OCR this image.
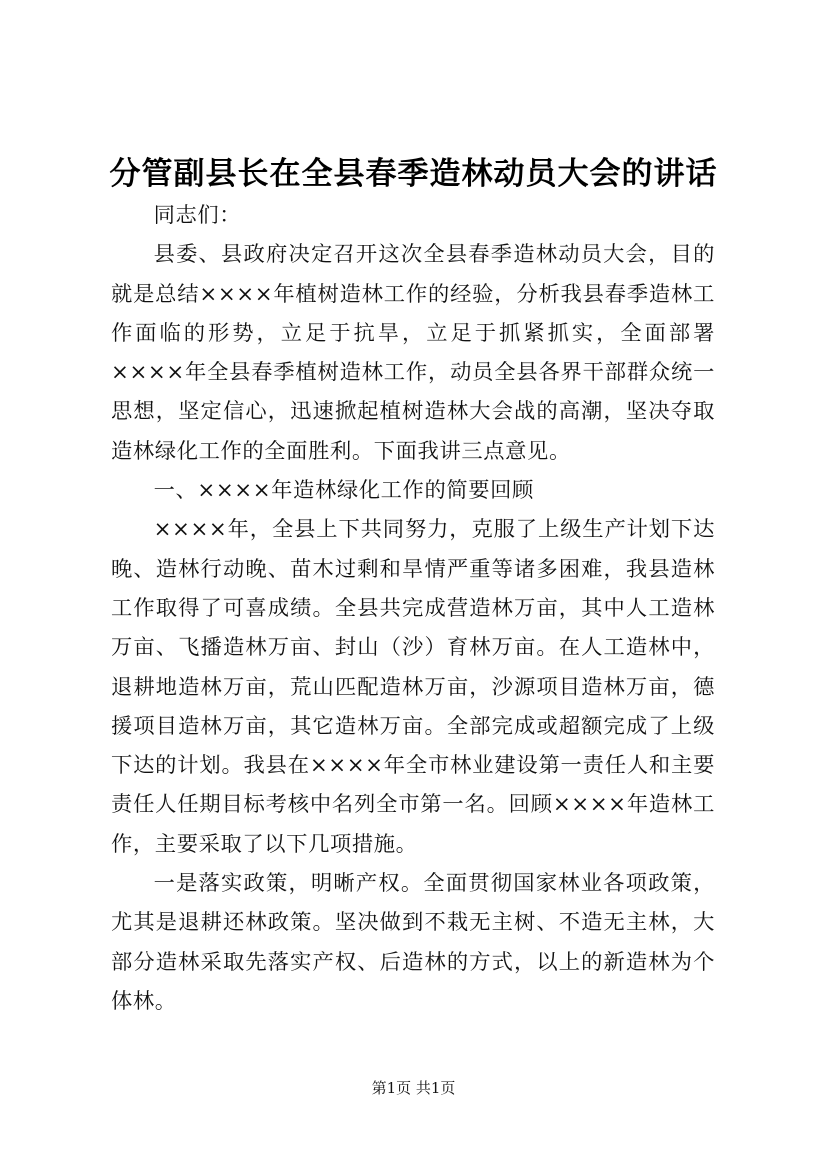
分管副县长在全县春季造林动员大会的讲话

同志们：

县委、县政府决定召开这次全县春季造林动员大会，目的就是总结××××年植树造林工作的经验，分析我县春季造林工作面临的形势，立足于抗旱，立足于抓紧抓实，全面部署××××年全县春季植树造林工作，动员全县各界干部群众统一思想，坚定信心，迅速掀起植树造林大会战的高潮，坚决夺取造林绿化工作的全面胜利。下面我讲三点意见。

一、××××年造林绿化工作的简要回顾

××××年，全县上下共同努力，克服了上级生产计划下达晚、造林行动晚、苗木过剩和旱情严重等诸多困难，我县造林工作取得了可喜成绩。全县共完成营造林万亩，其中人工造林万亩、飞播造林万亩、封山（沙）育林万亩。在人工造林中，退耕地造林万亩，荒山匹配造林万亩，沙源项目造林万亩，德援项目造林万亩，其它造林万亩。全部完成或超额完成了上级下达的计划。我县在××××年全市林业建设第一责任人和主要责任人任期目标考核中名列全市第一名。回顾××××年造林工作，主要采取了以下几项措施。

一是落实政策，明晰产权。全面贯彻国家林业各项政策，尤其是退耕还林政策。坚决做到不栽无主树、不造无主林，大部分造林采取先落实产权、后造林的方式，以上的新造林为个体林。

第1页 共1页
